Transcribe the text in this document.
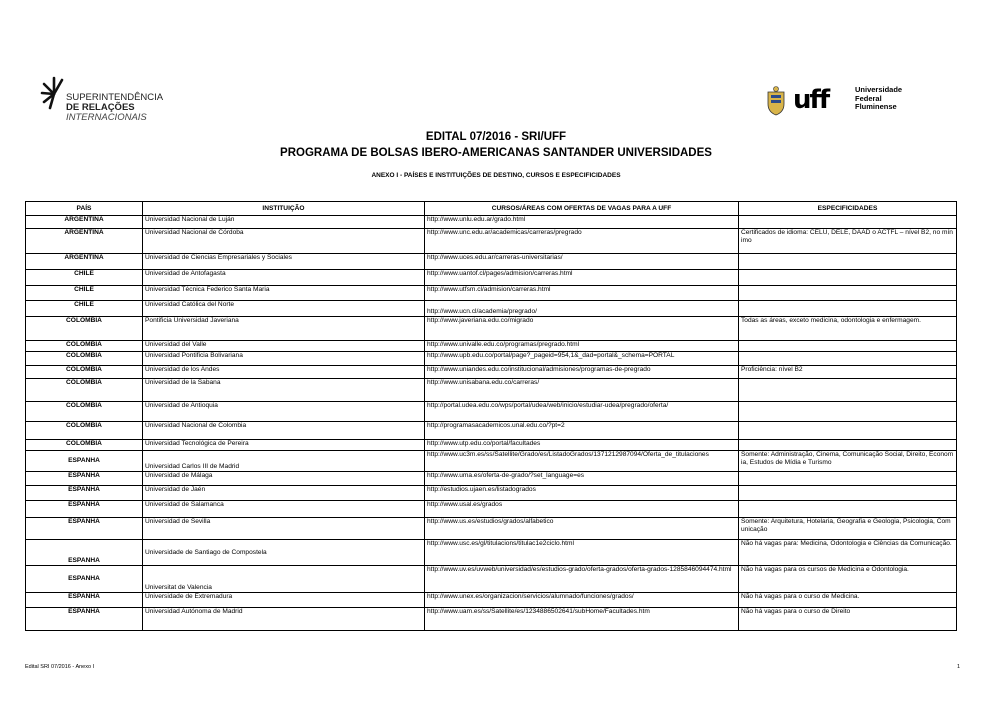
SUPERINTENDÊNCIA
DE RELAÇÕES
INTERNACIONAIS
uff	Universidade
Federal
Fluminense
EDITAL 07/2016 - SRI/UFF
PROGRAMA DE BOLSAS IBERO-AMERICANAS SANTANDER UNIVERSIDADES
ANEXO I - PAÍSES E INSTITUIÇÕES DE DESTINO, CURSOS E ESPECIFICIDADES
PAÍS	INSTITUIÇÃO	CURSOS/ÁREAS COM OFERTAS DE VAGAS PARA A UFF	ESPECIFICIDADES
ARGENTINA	Universidad Nacional de Luján	http://www.unlu.edu.ar/grado.html	
ARGENTINA	Universidad Nacional de Córdoba	http://www.unc.edu.ar/academicas/carreras/pregrado	Certificados de idioma: CELU, DELE, DAAD o ACTFL – nível B2, no mínimo
ARGENTINA	Universidad de Ciencias Empresariales y Sociales	http://www.uces.edu.ar/carreras-universitarias/	
CHILE	Universidad de Antofagasta	http://www.uantof.cl/pages/admision/carreras.html	
CHILE	Universidad Técnica Federico Santa Maria	http://www.utfsm.cl/admision/carreras.html	
CHILE	Universidad Católica del Norte	http://www.ucn.cl/academia/pregrado/	
COLÔMBIA	Pontificia Universidad Javeriana	http://www.javeriana.edu.co/migrado	Todas as áreas, exceto medicina, odontologia e enfermagem.
COLÔMBIA	Universidad del Valle	http://www.univalle.edu.co/programas/pregrado.html	
COLÔMBIA	Universidad Pontificia Bolivariana	http://www.upb.edu.co/portal/page?_pageid=954,1&_dad=portal&_schema=PORTAL	
COLÔMBIA	Universidad de los Andes	http://www.uniandes.edu.co/institucional/admisiones/programas-de-pregrado	Proficiência: nível B2
COLÔMBIA	Universidad de la Sabana	http://www.unisabana.edu.co/carreras/	
COLÔMBIA	Universidad de Antioquia	http://portal.udea.edu.co/wps/portal/udea/web/inicio/estudiar-udea/pregrado/oferta/	
COLÔMBIA	Universidad Nacional de Colombia	http://programasacademicos.unal.edu.co/?pt=2	
COLÔMBIA	Universidad Tecnológica de Pereira	http://www.utp.edu.co/portal/facultades	
ESPANHA	Universidad Carlos III de Madrid	http://www.uc3m.es/ss/Satellite/Grado/es/ListadoGrados/1371212987094/Oferta_de_titulaciones	Somente: Administração, Cinema, Comunicação Social, Direito, Economia, Estudos de Mídia e Turismo
ESPANHA	Universidad de Málaga	http://www.uma.es/oferta-de-grado/?set_language=es	
ESPANHA	Universidad de Jaén	http://estudios.ujaen.es/listadogrados	
ESPANHA	Universidad de Salamanca	http://www.usal.es/grados	
ESPANHA	Universidad de Sevilla	http://www.us.es/estudios/grados/alfabetico	Somente: Arquitetura, Hotelaria, Geografia e Geologia, Psicologia, Comunicação
ESPANHA	Universidade de Santiago de Compostela	http://www.usc.es/gl/titulacions/titulac1e2ciclo.html	Não há vagas para: Medicina, Odontologia e Ciências da Comunicação.
ESPANHA	Universitat de Valencia	http://www.uv.es/uvweb/universidad/es/estudios-grado/oferta-grados/oferta-grados-1285846094474.html	Não há vagas para os cursos de Medicina e Odontologia.
ESPANHA	Universidade de Extremadura	http://www.unex.es/organizacion/servicios/alumnado/funciones/grados/	Não há vagas para o curso de Medicina.
ESPANHA	Universidad Autónoma de Madrid	http://www.uam.es/ss/Satellite/es/1234886502641/subHome/Facultades.htm	Não há vagas para o curso de Direito
Edital SRI 07/2016 - Anexo I	1
